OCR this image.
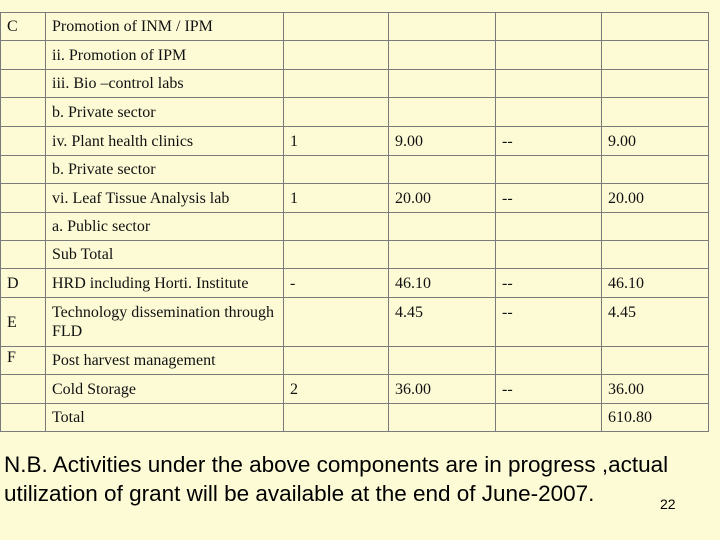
C	Promotion of INM / IPM				
	ii. Promotion of IPM				
	iii. Bio –control labs				
	b. Private sector				
	iv. Plant health clinics	1	9.00	--	9.00
	b. Private sector				
	vi. Leaf Tissue Analysis lab	1	20.00	--	20.00
	a. Public sector				
	Sub Total				
D	HRD including Horti. Institute	-	46.10	--	46.10
E	Technology dissemination through FLD		4.45	--	4.45
F	Post harvest management				
	Cold Storage	2	36.00	--	36.00
	Total				610.80
N.B. Activities under the above components are in progress ,actual utilization of grant will be available at the end of June-2007.	22
